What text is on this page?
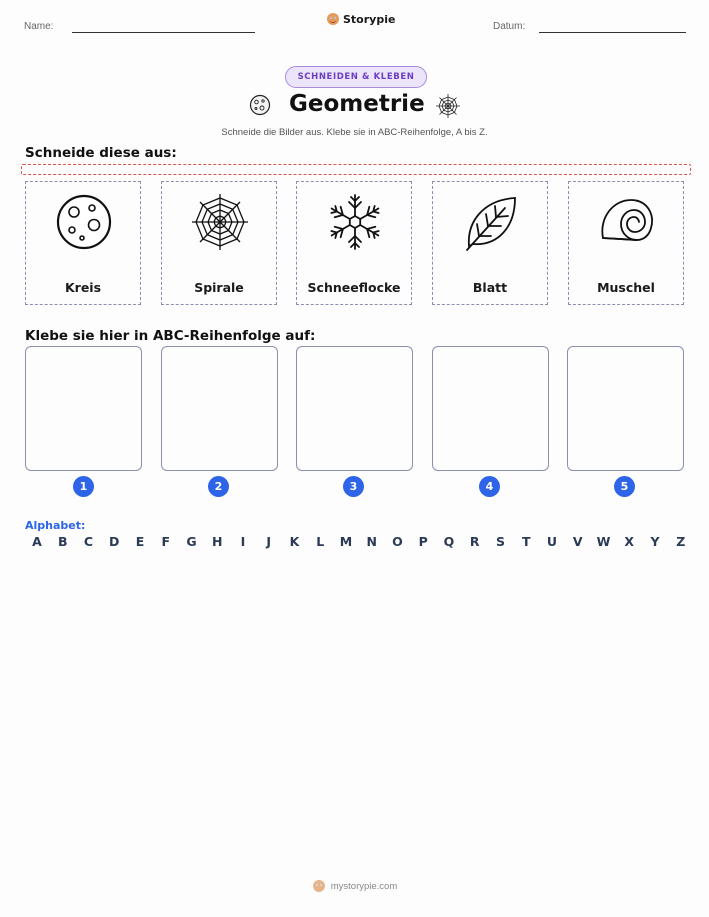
Name:
Storypie
Datum:
SCHNEIDEN & KLEBEN
Geometrie
Schneide die Bilder aus. Klebe sie in ABC-Reihenfolge, A bis Z.
Schneide diese aus:
Kreis	Spirale	Schneeflocke	Blatt	Muschel
Klebe sie hier in ABC-Reihenfolge auf:
1	2	3	4	5
Alphabet:
A	B	C	D	E	F	G	H	I	J	K	L	M	N	O	P	Q	R	S	T	U	V	W	X	Y	Z
mystorypie.com
